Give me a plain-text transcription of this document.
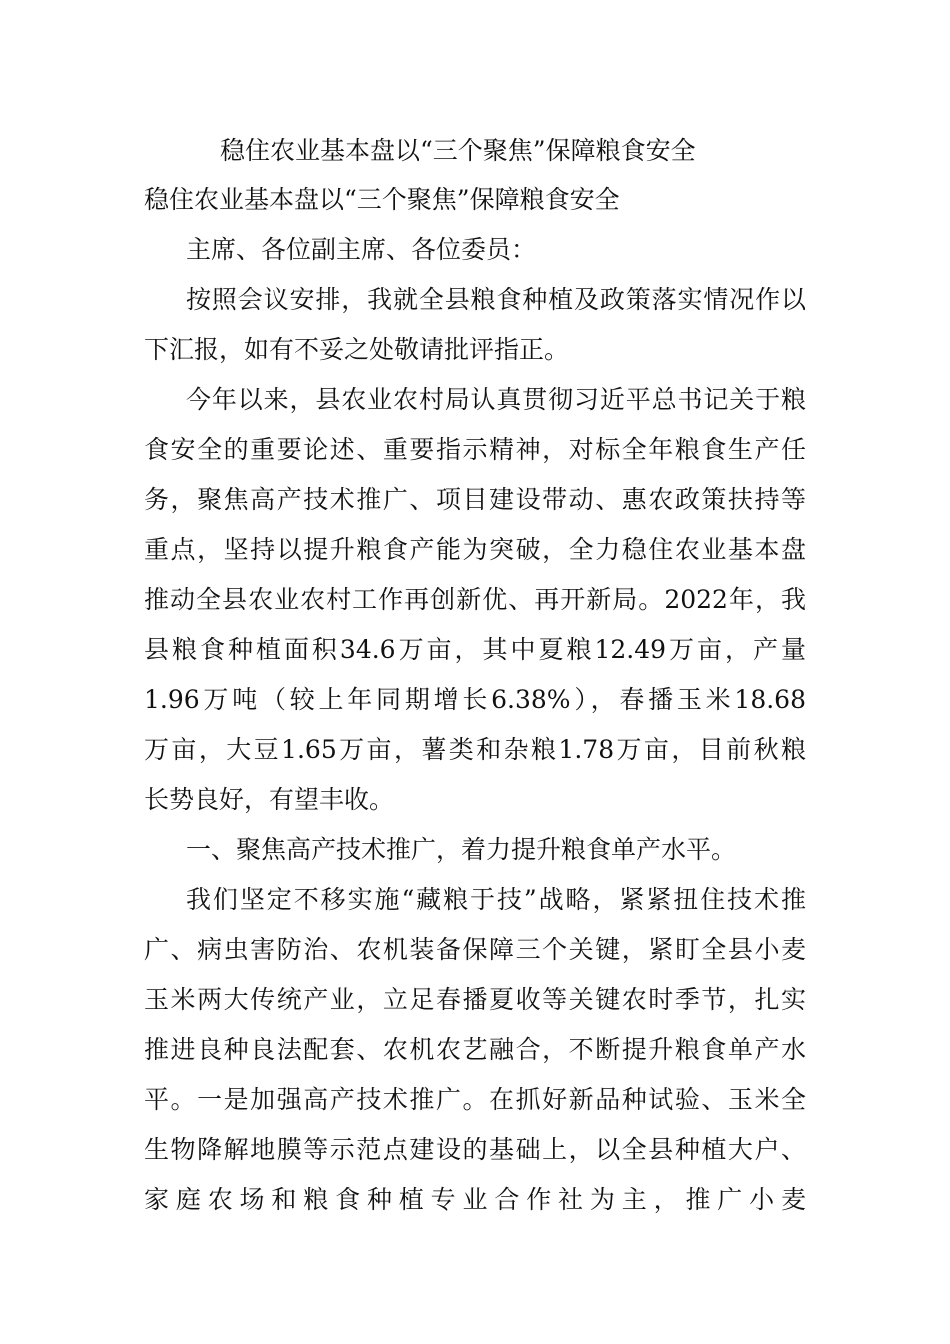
稳住农业基本盘以“三个聚焦”保障粮食安全
稳住农业基本盘以“三个聚焦”保障粮食安全
主席、各位副主席、各位委员：
按照会议安排，我就全县粮食种植及政策落实情况作以
下汇报，如有不妥之处敬请批评指正。
今年以来，县农业农村局认真贯彻习近平总书记关于粮
食安全的重要论述、重要指示精神，对标全年粮食生产任
务，聚焦高产技术推广、项目建设带动、惠农政策扶持等
重点，坚持以提升粮食产能为突破，全力稳住农业基本盘
推动全县农业农村工作再创新优、再开新局。2022年，我
县粮食种植面积34.6万亩，其中夏粮12.49万亩，产量
1.96万吨（较上年同期增长6.38%），春播玉米18.68
万亩，大豆1.65万亩，薯类和杂粮1.78万亩，目前秋粮
长势良好，有望丰收。
一、聚焦高产技术推广，着力提升粮食单产水平。
我们坚定不移实施“藏粮于技”战略，紧紧扭住技术推
广、病虫害防治、农机装备保障三个关键，紧盯全县小麦
玉米两大传统产业，立足春播夏收等关键农时季节，扎实
推进良种良法配套、农机农艺融合，不断提升粮食单产水
平。一是加强高产技术推广。在抓好新品种试验、玉米全
生物降解地膜等示范点建设的基础上，以全县种植大户、
家庭农场和粮食种植专业合作社为主，推广小麦
